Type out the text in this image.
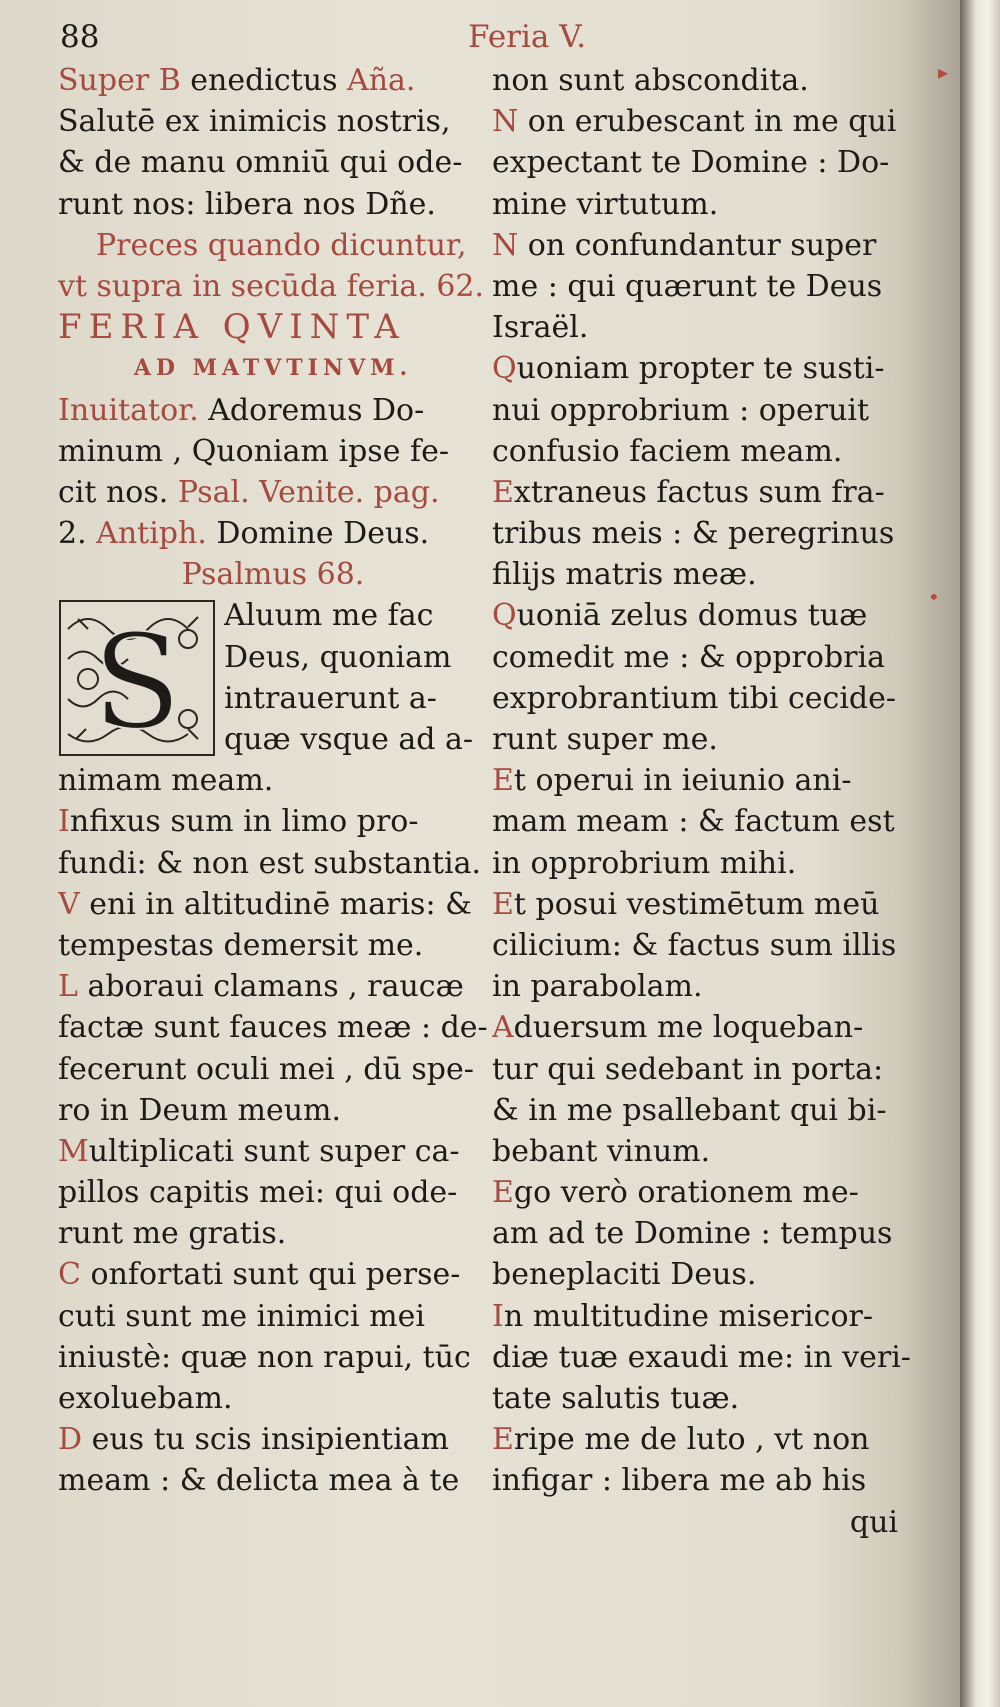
88	Feria V.
Super B enedictus Aña.
Salutē ex inimicis nostris,
& de manu omniū qui ode-
runt nos: libera nos Dñe.
Preces quando dicuntur,
vt supra in secūda feria. 62.
FERIA QVINTA
AD MATVTINVM.
Inuitator. Adoremus Do-
minum , Quoniam ipse fe-
cit nos. Psal. Venite. pag.
2. Antiph. Domine Deus.
Psalmus 68.
S Aluum me fac
Deus, quoniam
intrauerunt a-
quæ vsque ad a-
nimam meam.
Infixus sum in limo pro-
fundi: & non est substantia.
V eni in altitudinē maris: &
tempestas demersit me.
L aboraui clamans , raucæ
factæ sunt fauces meæ : de-
fecerunt oculi mei , dū spe-
ro in Deum meum.
Multiplicati sunt super ca-
pillos capitis mei: qui ode-
runt me gratis.
C onfortati sunt qui perse-
cuti sunt me inimici mei
iniustè: quæ non rapui, tūc
exoluebam.
D eus tu scis insipientiam
meam : & delicta mea à te
non sunt abscondita.
N on erubescant in me qui
expectant te Domine : Do-
mine virtutum.
N on confundantur super
me : qui quærunt te Deus
Israël.
Quoniam propter te susti-
nui opprobrium : operuit
confusio faciem meam.
Extraneus factus sum fra-
tribus meis : & peregrinus
filijs matris meæ.
Quoniā zelus domus tuæ
comedit me : & opprobria
exprobrantium tibi cecide-
runt super me.
Et operui in ieiunio ani-
mam meam : & factum est
in opprobrium mihi.
Et posui vestimētum meū
cilicium: & factus sum illis
in parabolam.
Aduersum me loqueban-
tur qui sedebant in porta:
& in me psallebant qui bi-
bebant vinum.
Ego verò orationem me-
am ad te Domine : tempus
beneplaciti Deus.
In multitudine misericor-
diæ tuæ exaudi me: in veri-
tate salutis tuæ.
Eripe me de luto , vt non
infigar : libera me ab his
qui
▸
•
